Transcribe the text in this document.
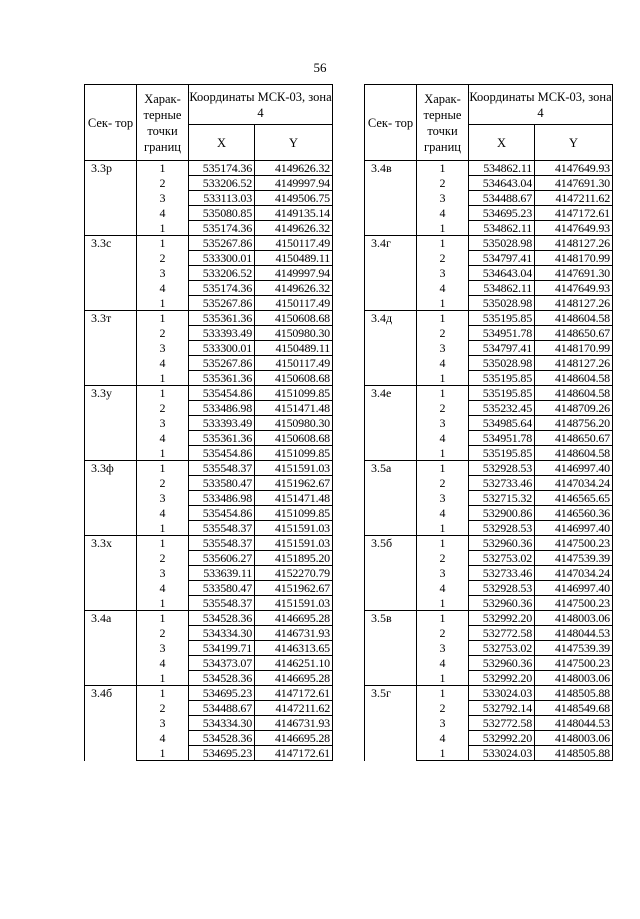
56
Сек- тор	Харак- терные точки границ	Координаты МСК-03, зона 4	
		X	Y
3.3р	1	535174.36	4149626.32
	2	533206.52	4149997.94
	3	533113.03	4149506.75
	4	535080.85	4149135.14
	1	535174.36	4149626.32
3.3с	1	535267.86	4150117.49
	2	533300.01	4150489.11
	3	533206.52	4149997.94
	4	535174.36	4149626.32
	1	535267.86	4150117.49
3.3т	1	535361.36	4150608.68
	2	533393.49	4150980.30
	3	533300.01	4150489.11
	4	535267.86	4150117.49
	1	535361.36	4150608.68
3.3у	1	535454.86	4151099.85
	2	533486.98	4151471.48
	3	533393.49	4150980.30
	4	535361.36	4150608.68
	1	535454.86	4151099.85
3.3ф	1	535548.37	4151591.03
	2	533580.47	4151962.67
	3	533486.98	4151471.48
	4	535454.86	4151099.85
	1	535548.37	4151591.03
3.3х	1	535548.37	4151591.03
	2	535606.27	4151895.20
	3	533639.11	4152270.79
	4	533580.47	4151962.67
	1	535548.37	4151591.03
3.4а	1	534528.36	4146695.28
	2	534334.30	4146731.93
	3	534199.71	4146313.65
	4	534373.07	4146251.10
	1	534528.36	4146695.28
3.4б	1	534695.23	4147172.61
	2	534488.67	4147211.62
	3	534334.30	4146731.93
	4	534528.36	4146695.28
	1	534695.23	4147172.61
Сек- тор	Харак- терные точки границ	Координаты МСК-03, зона 4	
		X	Y
3.4в	1	534862.11	4147649.93
	2	534643.04	4147691.30
	3	534488.67	4147211.62
	4	534695.23	4147172.61
	1	534862.11	4147649.93
3.4г	1	535028.98	4148127.26
	2	534797.41	4148170.99
	3	534643.04	4147691.30
	4	534862.11	4147649.93
	1	535028.98	4148127.26
3.4д	1	535195.85	4148604.58
	2	534951.78	4148650.67
	3	534797.41	4148170.99
	4	535028.98	4148127.26
	1	535195.85	4148604.58
3.4е	1	535195.85	4148604.58
	2	535232.45	4148709.26
	3	534985.64	4148756.20
	4	534951.78	4148650.67
	1	535195.85	4148604.58
3.5а	1	532928.53	4146997.40
	2	532733.46	4147034.24
	3	532715.32	4146565.65
	4	532900.86	4146560.36
	1	532928.53	4146997.40
3.5б	1	532960.36	4147500.23
	2	532753.02	4147539.39
	3	532733.46	4147034.24
	4	532928.53	4146997.40
	1	532960.36	4147500.23
3.5в	1	532992.20	4148003.06
	2	532772.58	4148044.53
	3	532753.02	4147539.39
	4	532960.36	4147500.23
	1	532992.20	4148003.06
3.5г	1	533024.03	4148505.88
	2	532792.14	4148549.68
	3	532772.58	4148044.53
	4	532992.20	4148003.06
	1	533024.03	4148505.88
